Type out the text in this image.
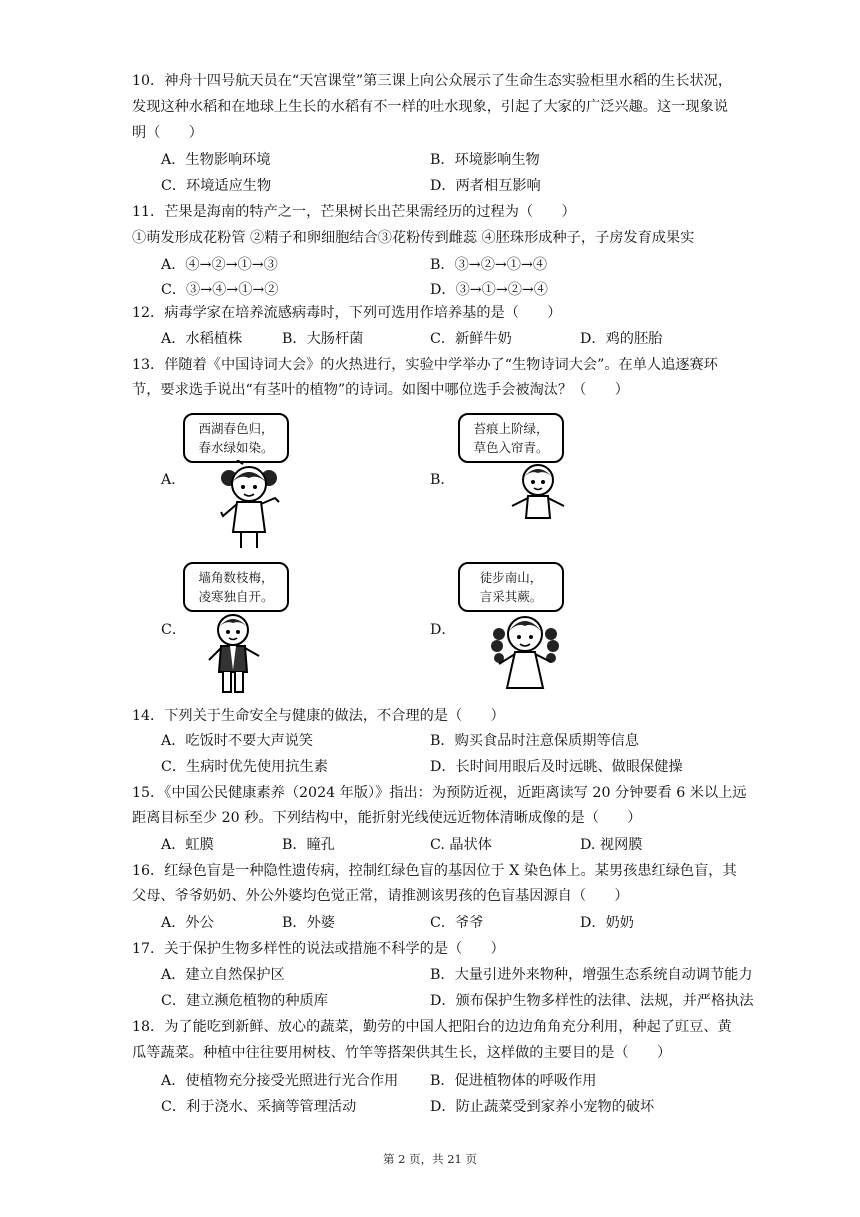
10．神舟十四号航天员在“天宫课堂”第三课上向公众展示了生命生态实验柜里水稻的生长状况，
发现这种水稻和在地球上生长的水稻有不一样的吐水现象，引起了大家的广泛兴趣。这一现象说
明（　　）
A．生物影响环境	B．环境影响生物
C．环境适应生物	D．两者相互影响
11．芒果是海南的特产之一，芒果树长出芒果需经历的过程为（　　）
①萌发形成花粉管 ②精子和卵细胞结合③花粉传到雌蕊 ④胚珠形成种子，子房发育成果实
A．④→②→①→③	B．③→②→①→④
C．③→④→①→②	D．③→①→②→④
12．病毒学家在培养流感病毒时，下列可选用作培养基的是（　　）
A．水稻植株	B．大肠杆菌	C．新鲜牛奶	D．鸡的胚胎
13．伴随着《中国诗词大会》的火热进行，实验中学举办了“生物诗词大会”。在单人追逐赛环
节，要求选手说出“有茎叶的植物”的诗词。如图中哪位选手会被淘汰？（　　）
A．
西湖春色归，
春水绿如染。
B．
苔痕上阶绿，
草色入帘青。
C．
墙角数枝梅，
凌寒独自开。
D．
徒步南山，
言采其蕨。
14．下列关于生命安全与健康的做法，不合理的是（　　）
A．吃饭时不要大声说笑	B．购买食品时注意保质期等信息
C．生病时优先使用抗生素	D．长时间用眼后及时远眺、做眼保健操
15．《中国公民健康素养（2024 年版）》指出：为预防近视，近距离读写 20 分钟要看 6 米以上远
距离目标至少 20 秒。下列结构中，能折射光线使远近物体清晰成像的是（　　）
A．虹膜	B．瞳孔	C. 晶状体	D. 视网膜
16．红绿色盲是一种隐性遗传病，控制红绿色盲的基因位于 X 染色体上。某男孩患红绿色盲，其
父母、爷爷奶奶、外公外婆均色觉正常，请推测该男孩的色盲基因源自（　　）
A．外公	B．外婆	C．爷爷	D．奶奶
17．关于保护生物多样性的说法或措施不科学的是（　　）
A．建立自然保护区	B．大量引进外来物种，增强生态系统自动调节能力
C．建立濒危植物的种质库	D．颁布保护生物多样性的法律、法规，并严格执法
18．为了能吃到新鲜、放心的蔬菜，勤劳的中国人把阳台的边边角角充分利用，种起了豇豆、黄
瓜等蔬菜。种植中往往要用树枝、竹竿等搭架供其生长，这样做的主要目的是（　　）
A．使植物充分接受光照进行光合作用 B．促进植物体的呼吸作用
C．利于浇水、采摘等管理活动	D．防止蔬菜受到家养小宠物的破坏
第 2 页，共 21 页
